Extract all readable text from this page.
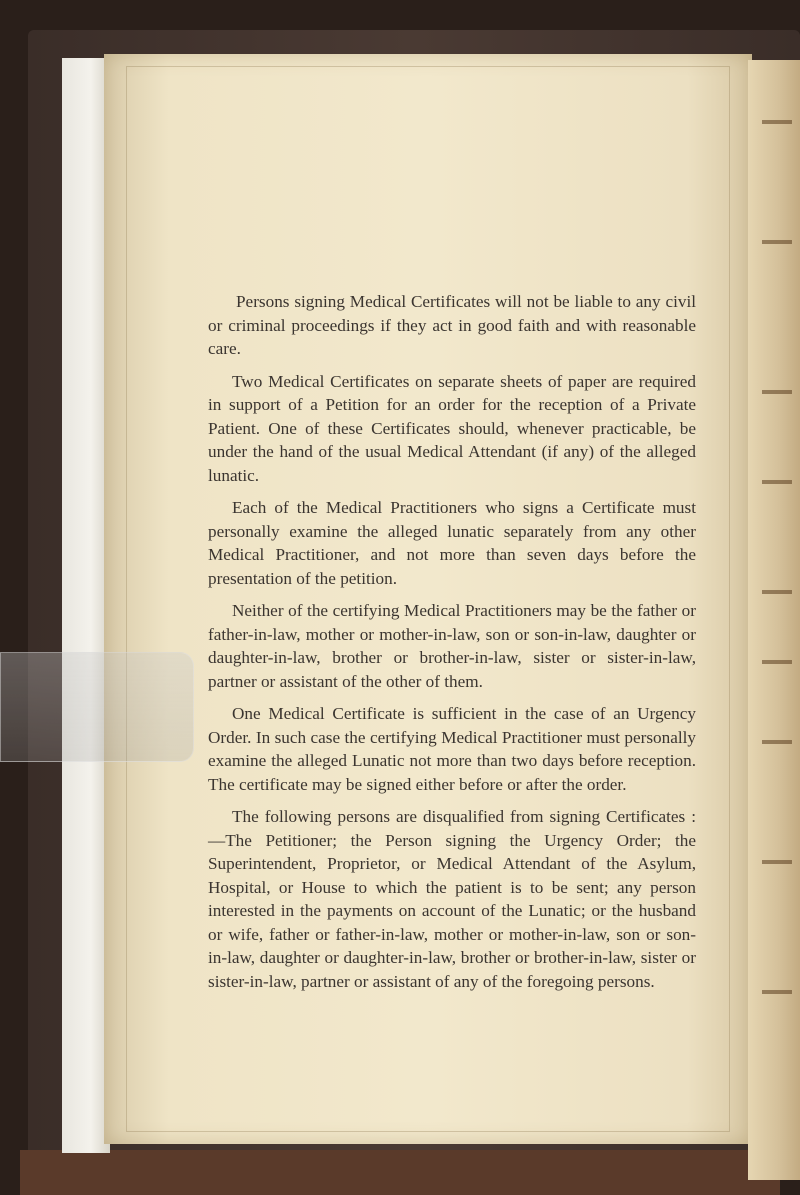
Persons signing Medical Certificates will not be liable to any civil or criminal proceedings if they act in good faith and with reasonable care.

Two Medical Certificates on separate sheets of paper are required in support of a Petition for an order for the reception of a Private Patient. One of these Certificates should, whenever practicable, be under the hand of the usual Medical Attendant (if any) of the alleged lunatic.

Each of the Medical Practitioners who signs a Certificate must personally examine the alleged lunatic separately from any other Medical Practitioner, and not more than seven days before the presentation of the petition.

Neither of the certifying Medical Practitioners may be the father or father-in-law, mother or mother-in-law, son or son-in-law, daughter or daughter-in-law, brother or brother-in-law, sister or sister-in-law, partner or assistant of the other of them.

One Medical Certificate is sufficient in the case of an Urgency Order. In such case the certifying Medical Practitioner must personally examine the alleged Lunatic not more than two days before reception. The certificate may be signed either before or after the order.

The following persons are disqualified from signing Certificates :—The Petitioner; the Person signing the Urgency Order; the Superintendent, Proprietor, or Medical Attendant of the Asylum, Hospital, or House to which the patient is to be sent; any person interested in the payments on account of the Lunatic; or the husband or wife, father or father-in-law, mother or mother-in-law, son or son-in-law, daughter or daughter-in-law, brother or brother-in-law, sister or sister-in-law, partner or assistant of any of the foregoing persons.
